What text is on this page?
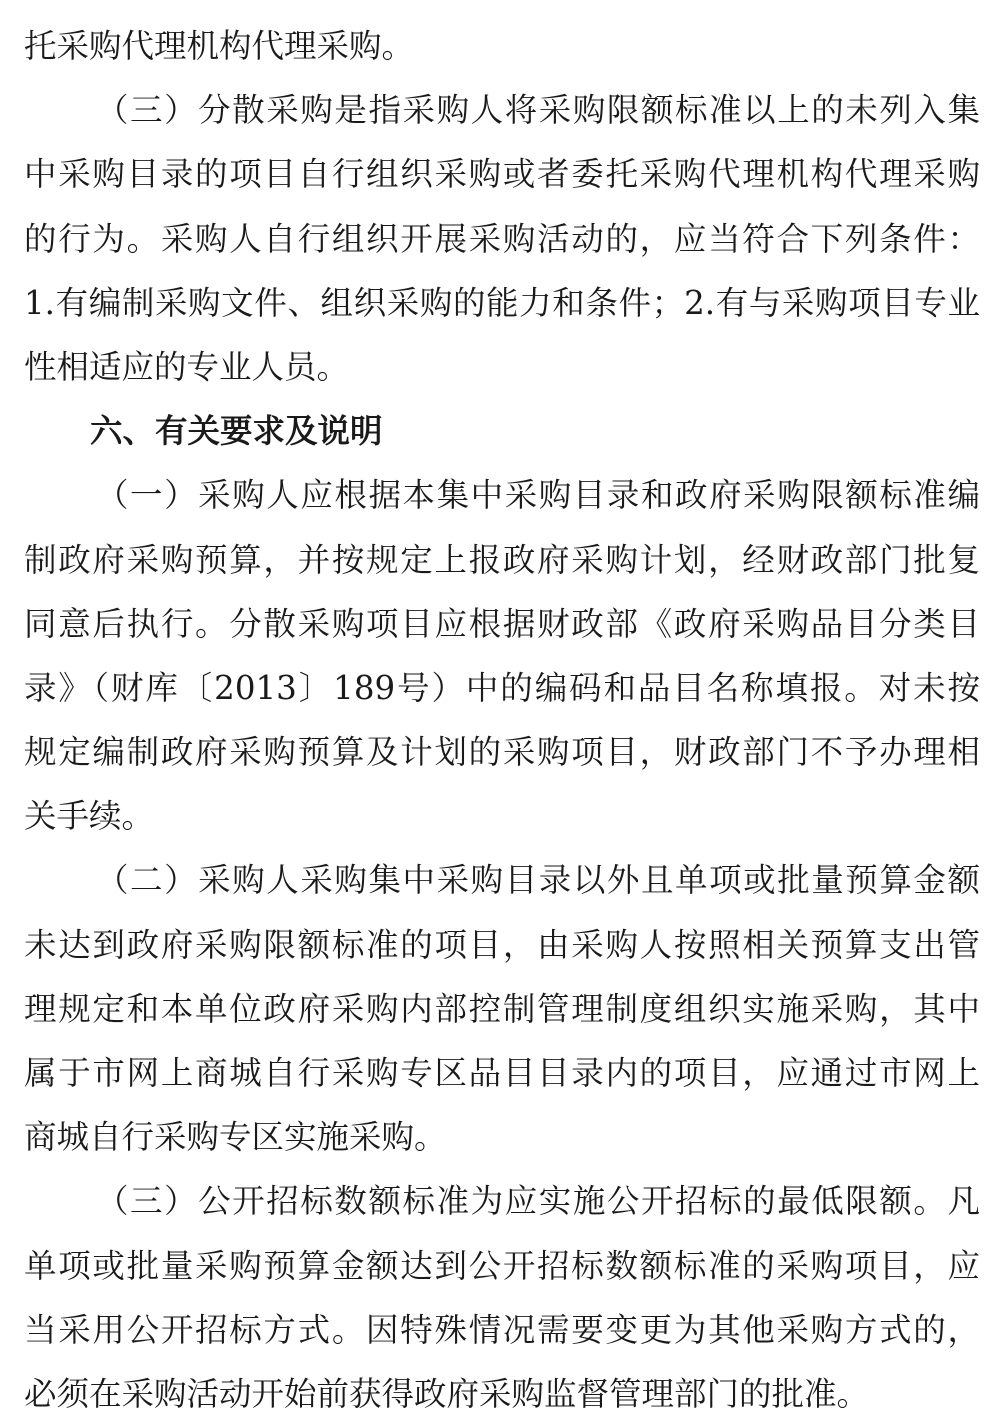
托采购代理机构代理采购。
（三）分散采购是指采购人将采购限额标准以上的未列入集
中采购目录的项目自行组织采购或者委托采购代理机构代理采购
的行为。采购人自行组织开展采购活动的，应当符合下列条件：
1.有编制采购文件、组织采购的能力和条件；2.有与采购项目专业
性相适应的专业人员。
六、有关要求及说明
（一）采购人应根据本集中采购目录和政府采购限额标准编
制政府采购预算，并按规定上报政府采购计划，经财政部门批复
同意后执行。分散采购项目应根据财政部《政府采购品目分类目
录》（财库〔2013〕189号）中的编码和品目名称填报。对未按
规定编制政府采购预算及计划的采购项目，财政部门不予办理相
关手续。
（二）采购人采购集中采购目录以外且单项或批量预算金额
未达到政府采购限额标准的项目，由采购人按照相关预算支出管
理规定和本单位政府采购内部控制管理制度组织实施采购，其中
属于市网上商城自行采购专区品目目录内的项目，应通过市网上
商城自行采购专区实施采购。
（三）公开招标数额标准为应实施公开招标的最低限额。凡
单项或批量采购预算金额达到公开招标数额标准的采购项目，应
当采用公开招标方式。因特殊情况需要变更为其他采购方式的，
必须在采购活动开始前获得政府采购监督管理部门的批准。
